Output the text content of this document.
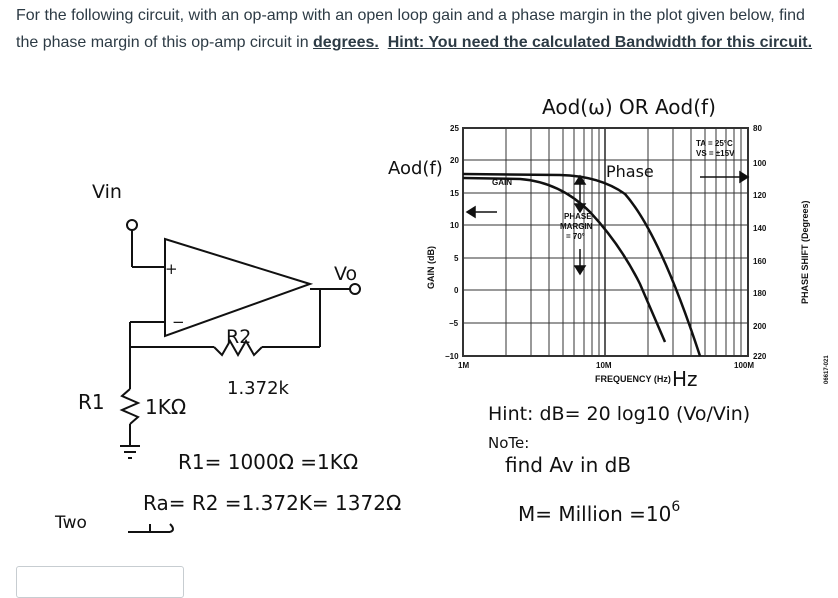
For the following circuit, with an op-amp with an open loop gain and a phase margin in the plot given below, find the phase margin of this op-amp circuit in degrees. Hint: You need the calculated Bandwidth for this circuit.
Vin
+
−
Vo
R2
1.372k
R1 1KΩ
R1= 1000Ω =1KΩ
Ra= R2 =1.372K= 1372Ω
Two
Aod(ω) OR Aod(f)
Aod(f)
GAIN (dB)	PHASE SHIFT (Degrees)
GAIN
PHASE
MARGIN
= 70°
TA = 25°C
VS = ±15V
FREQUENCY (Hz)	06617-021
Phase
Hz
25
20
15
10
5
0
−5
−10
80
100
120
140
160
180
200
220
1M	10M	100M
Hint: dB= 20 log10 (Vo/Vin)
NoTe:
find Av in dB
M= Million $=10^6$
